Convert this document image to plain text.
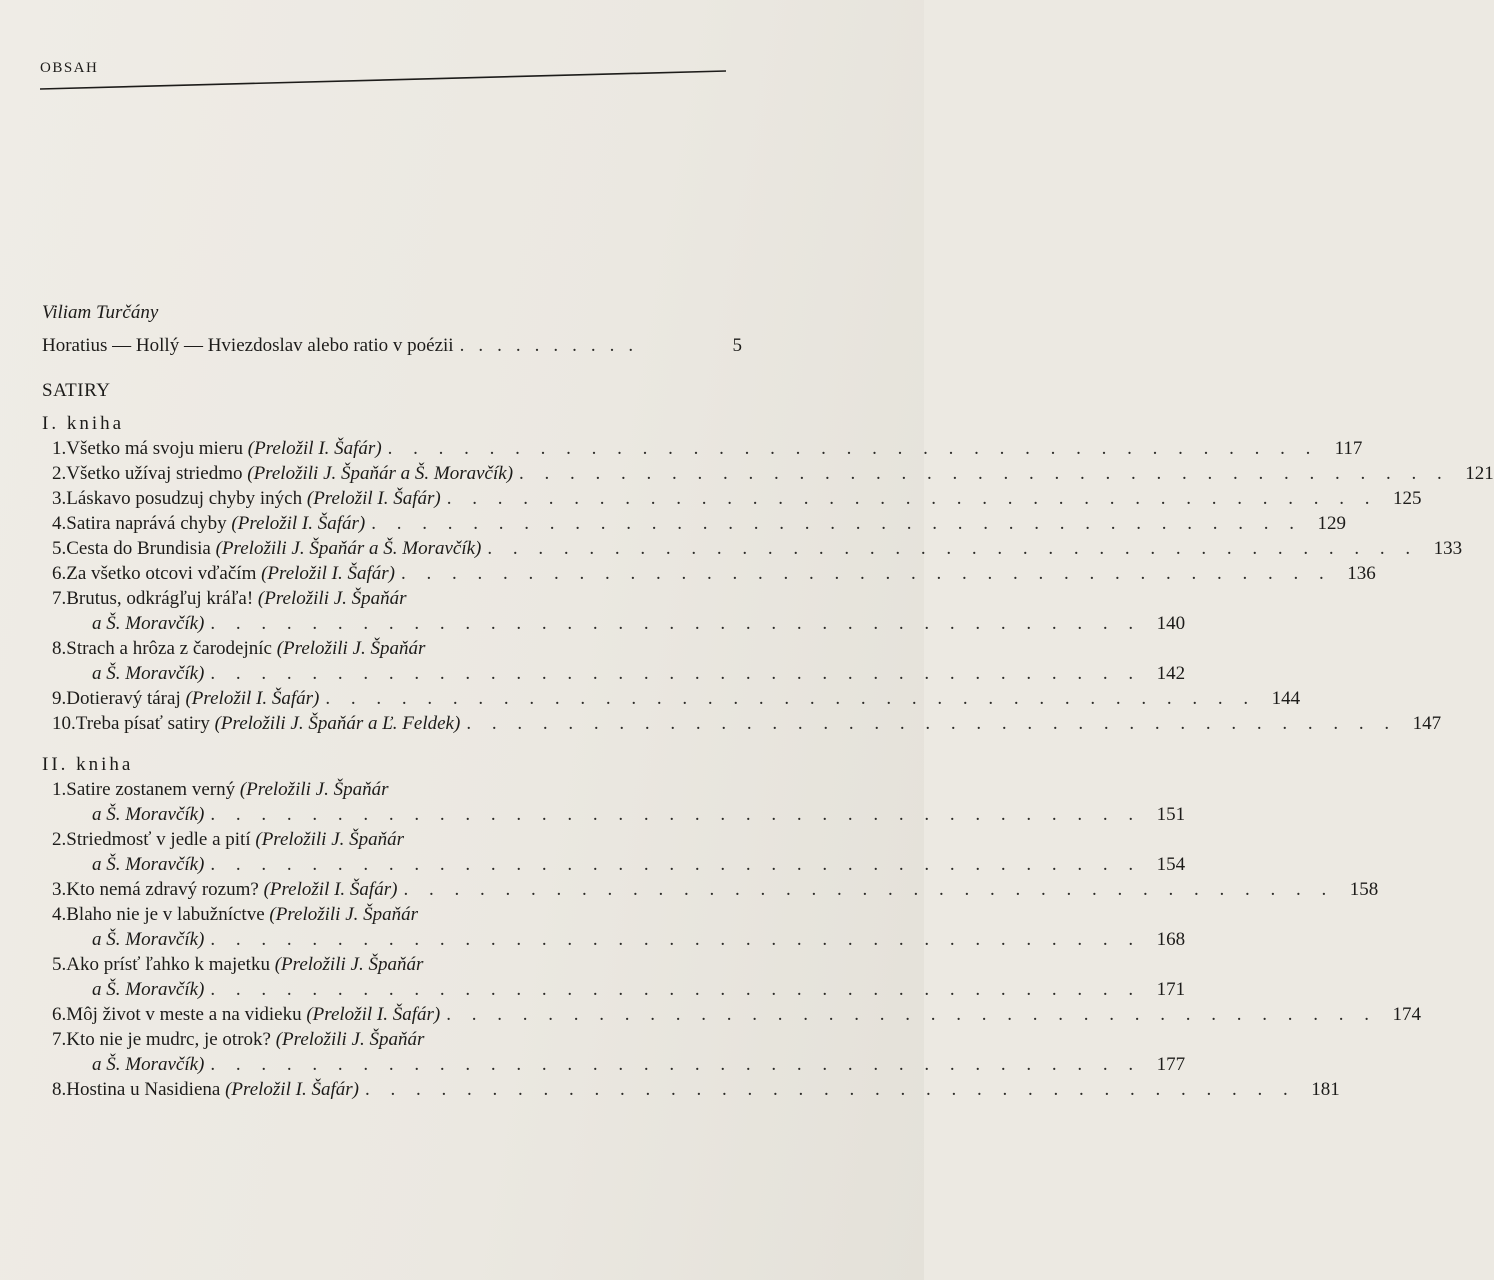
OBSAH
Viliam Turčány
Horatius — Hollý — Hviezdoslav alebo ratio v poézii ..........	5
SATIRY
I. kniha
1.Všetko má svoju mieru (Preložil I. Šafár) . . . . . . . . . . . . . . . . . . . . . . . . . . . . . . . . . . . . . 117
2.Všetko užívaj striedmo (Preložili J. Špaňár a Š. Moravčík) . . . . . . . . . . . . . . . . . . . . . . . . . . . . . . . . . . . . . 121
3.Láskavo posudzuj chyby iných (Preložil I. Šafár) . . . . . . . . . . . . . . . . . . . . . . . . . . . . . . . . . . . . . 125
4.Satira naprává chyby (Preložil I. Šafár) . . . . . . . . . . . . . . . . . . . . . . . . . . . . . . . . . . . . . 129
5.Cesta do Brundisia (Preložili J. Špaňár a Š. Moravčík) . . . . . . . . . . . . . . . . . . . . . . . . . . . . . . . . . . . . . 133
6.Za všetko otcovi vďačím (Preložil I. Šafár) . . . . . . . . . . . . . . . . . . . . . . . . . . . . . . . . . . . . . 136
7.Brutus, odkrágľuj kráľa! (Preložili J. Špaňár
a Š. Moravčík) . . . . . . . . . . . . . . . . . . . . . . . . . . . . . . . . . . . . . 140
8.Strach a hrôza z čarodejníc (Preložili J. Špaňár
a Š. Moravčík) . . . . . . . . . . . . . . . . . . . . . . . . . . . . . . . . . . . . . 142
9.Dotieravý táraj (Preložil I. Šafár) . . . . . . . . . . . . . . . . . . . . . . . . . . . . . . . . . . . . . 144
10.Treba písať satiry (Preložili J. Špaňár a Ľ. Feldek) . . . . . . . . . . . . . . . . . . . . . . . . . . . . . . . . . . . . . 147
II. kniha
1.Satire zostanem verný (Preložili J. Špaňár
a Š. Moravčík) . . . . . . . . . . . . . . . . . . . . . . . . . . . . . . . . . . . . . 151
2.Striedmosť v jedle a pití (Preložili J. Špaňár
a Š. Moravčík) . . . . . . . . . . . . . . . . . . . . . . . . . . . . . . . . . . . . . 154
3.Kto nemá zdravý rozum? (Preložil I. Šafár) . . . . . . . . . . . . . . . . . . . . . . . . . . . . . . . . . . . . . 158
4.Blaho nie je v labužníctve (Preložili J. Špaňár
a Š. Moravčík) . . . . . . . . . . . . . . . . . . . . . . . . . . . . . . . . . . . . . 168
5.Ako prísť ľahko k majetku (Preložili J. Špaňár
a Š. Moravčík) . . . . . . . . . . . . . . . . . . . . . . . . . . . . . . . . . . . . . 171
6.Môj život v meste a na vidieku (Preložil I. Šafár) . . . . . . . . . . . . . . . . . . . . . . . . . . . . . . . . . . . . . 174
7.Kto nie je mudrc, je otrok? (Preložili J. Špaňár
a Š. Moravčík) . . . . . . . . . . . . . . . . . . . . . . . . . . . . . . . . . . . . . 177
8.Hostina u Nasidiena (Preložil I. Šafár) . . . . . . . . . . . . . . . . . . . . . . . . . . . . . . . . . . . . . 181
